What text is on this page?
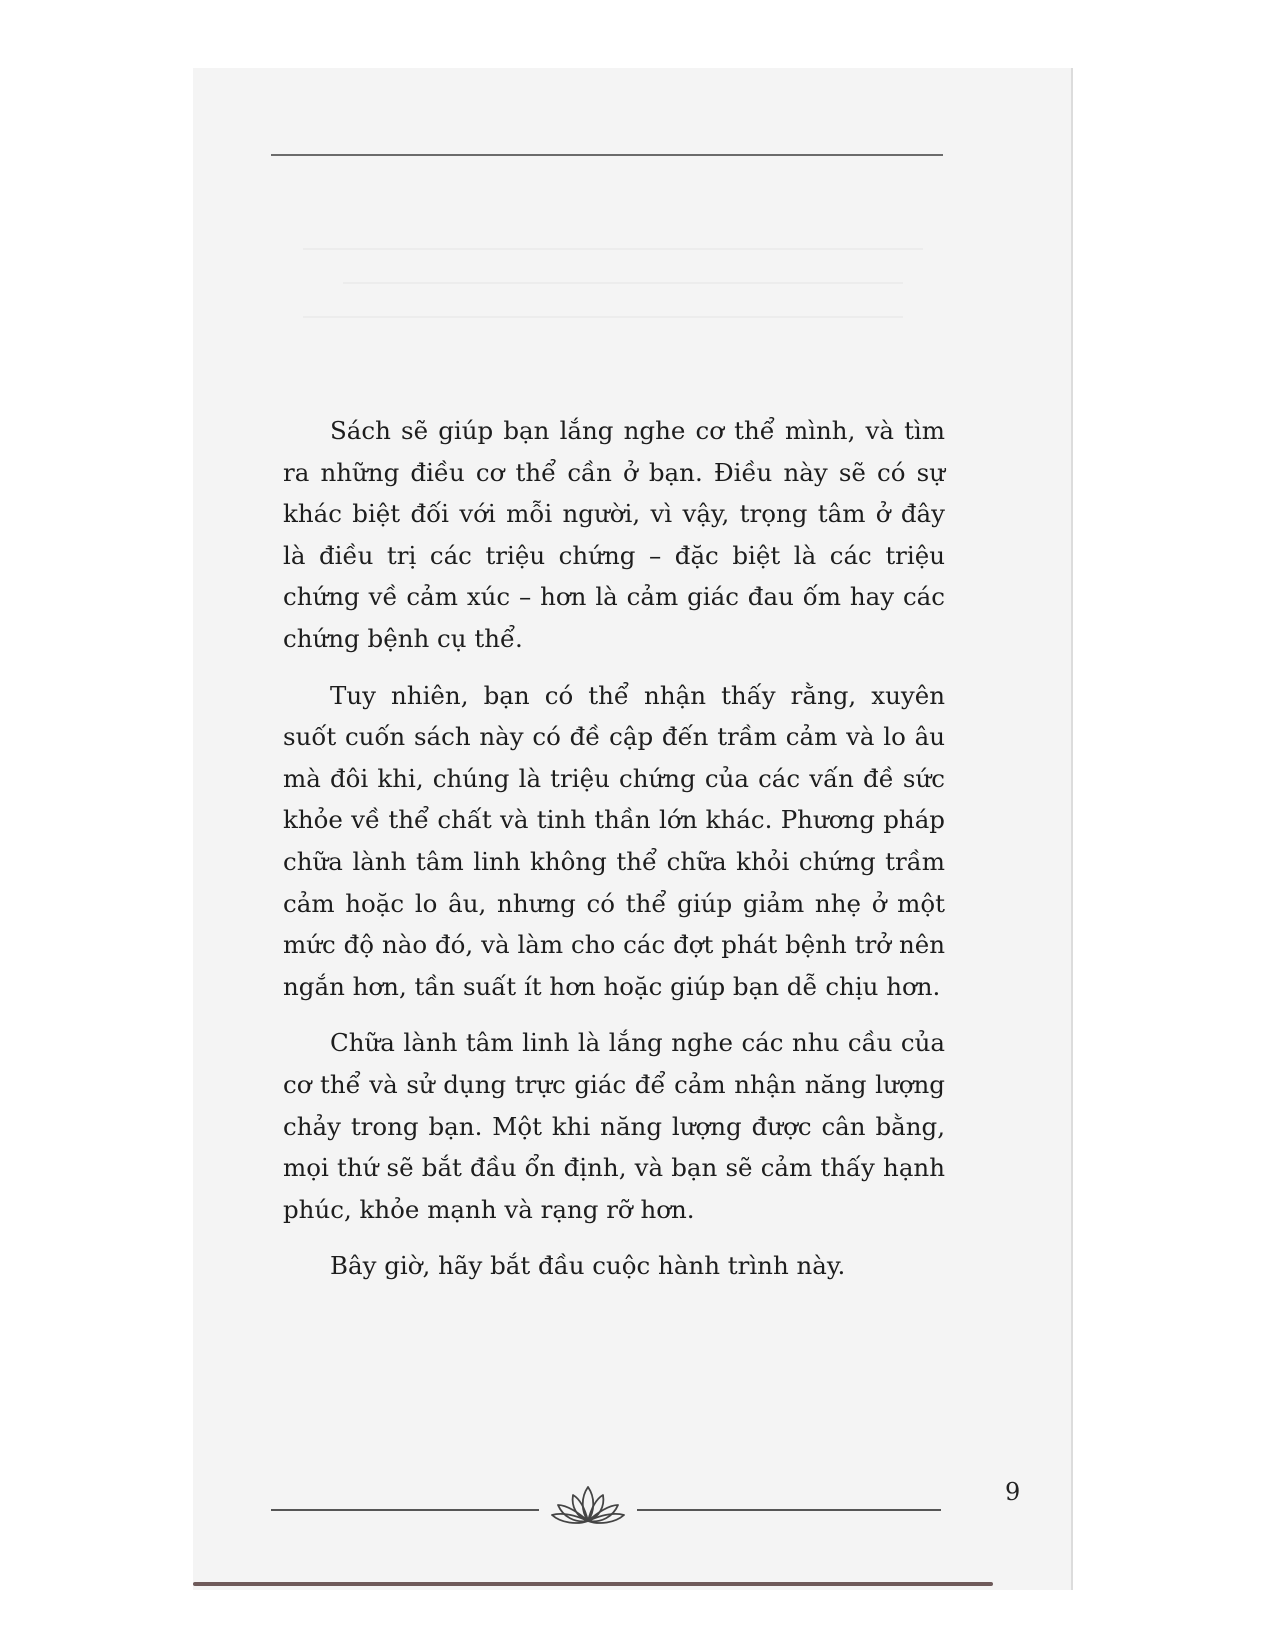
Sách sẽ giúp bạn lắng nghe cơ thể mình, và tìm ra những điều cơ thể cần ở bạn. Điều này sẽ có sự khác biệt đối với mỗi người, vì vậy, trọng tâm ở đây là điều trị các triệu chứng – đặc biệt là các triệu chứng về cảm xúc – hơn là cảm giác đau ốm hay các chứng bệnh cụ thể.

Tuy nhiên, bạn có thể nhận thấy rằng, xuyên suốt cuốn sách này có đề cập đến trầm cảm và lo âu mà đôi khi, chúng là triệu chứng của các vấn đề sức khỏe về thể chất và tinh thần lớn khác. Phương pháp chữa lành tâm linh không thể chữa khỏi chứng trầm cảm hoặc lo âu, nhưng có thể giúp giảm nhẹ ở một mức độ nào đó, và làm cho các đợt phát bệnh trở nên ngắn hơn, tần suất ít hơn hoặc giúp bạn dễ chịu hơn.

Chữa lành tâm linh là lắng nghe các nhu cầu của cơ thể và sử dụng trực giác để cảm nhận năng lượng chảy trong bạn. Một khi năng lượng được cân bằng, mọi thứ sẽ bắt đầu ổn định, và bạn sẽ cảm thấy hạnh phúc, khỏe mạnh và rạng rỡ hơn.

Bây giờ, hãy bắt đầu cuộc hành trình này.

9
